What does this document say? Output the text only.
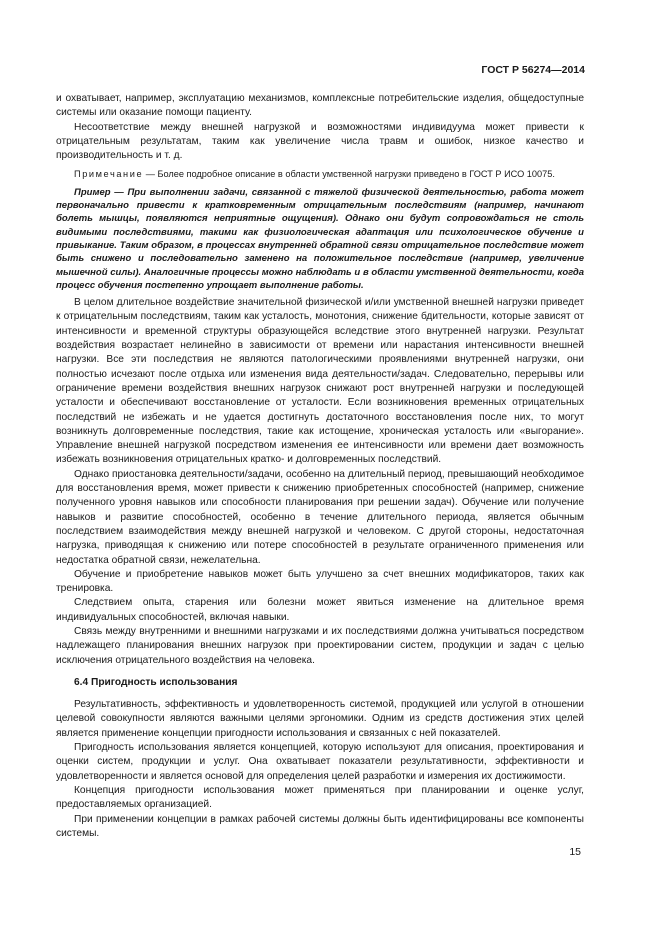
ГОСТ Р 56274—2014

и охватывает, например, эксплуатацию механизмов, комплексные потребительские изделия, общедоступные системы или оказание помощи пациенту.

Несоответствие между внешней нагрузкой и возможностями индивидуума может привести к отрицательным результатам, таким как увеличение числа травм и ошибок, низкое качество и производительность и т. д.

Примечание — Более подробное описание в области умственной нагрузки приведено в ГОСТ Р ИСО 10075.

Пример — При выполнении задачи, связанной с тяжелой физической деятельностью, работа может первоначально привести к кратковременным отрицательным последствиям (например, начинают болеть мышцы, появляются неприятные ощущения). Однако они будут сопровождаться не столь видимыми последствиями, такими как физиологическая адаптация или психологическое обучение и привыкание. Таким образом, в процессах внутренней обратной связи отрицательное последствие может быть снижено и последовательно заменено на положительное последствие (например, увеличение мышечной силы). Аналогичные процессы можно наблюдать и в области умственной деятельности, когда процесс обучения постепенно упрощает выполнение работы.

В целом длительное воздействие значительной физической и/или умственной внешней нагрузки приведет к отрицательным последствиям, таким как усталость, монотония, снижение бдительности, которые зависят от интенсивности и временной структуры образующейся вследствие этого внутренней нагрузки. Результат воздействия возрастает нелинейно в зависимости от времени или нарастания интенсивности внешней нагрузки. Все эти последствия не являются патологическими проявлениями внутренней нагрузки, они полностью исчезают после отдыха или изменения вида деятельности/задач. Следовательно, перерывы или ограничение времени воздействия внешних нагрузок снижают рост внутренней нагрузки и последующей усталости и обеспечивают восстановление от усталости. Если возникновения временных отрицательных последствий не избежать и не удается достигнуть достаточного восстановления после них, то могут возникнуть долговременные последствия, такие как истощение, хроническая усталость или «выгорание». Управление внешней нагрузкой посредством изменения ее интенсивности или времени дает возможность избежать возникновения отрицательных кратко- и долговременных последствий.

Однако приостановка деятельности/задачи, особенно на длительный период, превышающий необходимое для восстановления время, может привести к снижению приобретенных способностей (например, снижение полученного уровня навыков или способности планирования при решении задач). Обучение или получение навыков и развитие способностей, особенно в течение длительного периода, является обычным последствием взаимодействия между внешней нагрузкой и человеком. С другой стороны, недостаточная нагрузка, приводящая к снижению или потере способностей в результате ограниченного применения или недостатка обратной связи, нежелательна.

Обучение и приобретение навыков может быть улучшено за счет внешних модификаторов, таких как тренировка.

Следствием опыта, старения или болезни может явиться изменение на длительное время индивидуальных способностей, включая навыки.

Связь между внутренними и внешними нагрузками и их последствиями должна учитываться посредством надлежащего планирования внешних нагрузок при проектировании систем, продукции и задач с целью исключения отрицательного воздействия на человека.

6.4 Пригодность использования

Результативность, эффективность и удовлетворенность системой, продукцией или услугой в отношении целевой совокупности являются важными целями эргономики. Одним из средств достижения этих целей является применение концепции пригодности использования и связанных с ней показателей.

Пригодность использования является концепцией, которую используют для описания, проектирования и оценки систем, продукции и услуг. Она охватывает показатели результативности, эффективности и удовлетворенности и является основой для определения целей разработки и измерения их достижимости.

Концепция пригодности использования может применяться при планировании и оценке услуг, предоставляемых организацией.

При применении концепции в рамках рабочей системы должны быть идентифицированы все компоненты системы.

15
